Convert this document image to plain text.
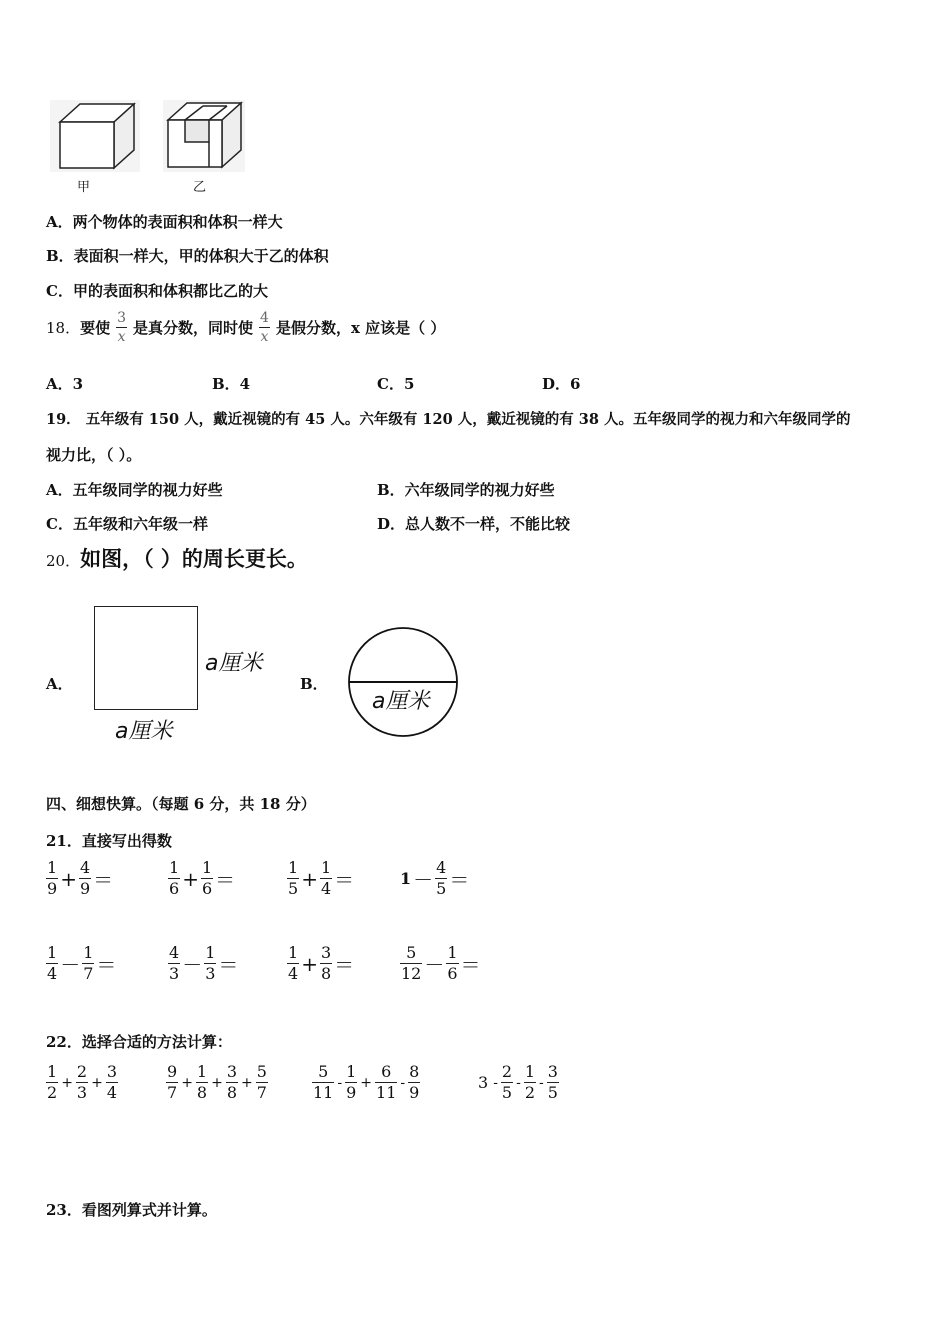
甲	乙
A．两个物体的表面积和体积一样大
B．表面积一样大，甲的体积大于乙的体积
C．甲的表面积和体积都比乙的大
18． 要使 $\frac{3}{x}$ 是真分数，同时使 $\frac{4}{x}$ 是假分数，x 应该是（ ）
A．3	B．4	C．5	D．6
19． 五年级有 150 人，戴近视镜的有 45 人。六年级有 120 人，戴近视镜的有 38 人。五年级同学的视力和六年级同学的
视力比，（ ）。
A．五年级同学的视力好些	B．六年级同学的视力好些
C．五年级和六年级一样	D．总人数不一样，不能比较
20． 如图，（ ）的周长更长。
A．
a厘米
a厘米
B．
a厘米
四、细想快算。（每题 6 分，共 18 分）
21．直接写出得数
$\frac{1}{9} + \frac{4}{9}$ ＝	$\frac{1}{6} + \frac{1}{6}$ ＝	$\frac{1}{5} + \frac{1}{4}$ ＝	$1 - \frac{4}{5}$ ＝
$\frac{1}{4} - \frac{1}{7}$ ＝	$\frac{4}{3} - \frac{1}{3}$ ＝	$\frac{1}{4} + \frac{3}{8}$ ＝	$\frac{5}{12} - \frac{1}{6}$ ＝
22．选择合适的方法计算：
$\frac{1}{2} + \frac{2}{3} + \frac{3}{4}$	$\frac{9}{7} + \frac{1}{8} + \frac{3}{8} + \frac{5}{7}$	$\frac{5}{11} - \frac{1}{9} + \frac{6}{11} - \frac{8}{9}$	$3 - \frac{2}{5} - \frac{1}{2} - \frac{3}{5}$
23．看图列算式并计算。
